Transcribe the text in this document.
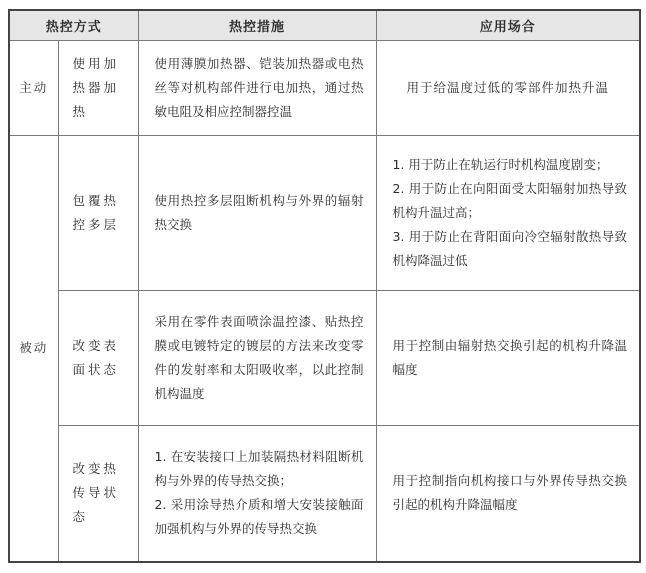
热控方式		热控措施	应用场合
主动	使用加热器加热	使用薄膜加热器、铠装加热器或电热丝等对机构部件进行电加热，通过热敏电阻及相应控制器控温	用于给温度过低的零部件加热升温

被动	包覆热控多层	使用热控多层阻断机构与外界的辐射热交换	1. 用于防止在轨运行时机构温度剧变；
2. 用于防止在向阳面受太阳辐射加热导致机构升温过高；
3. 用于防止在背阳面向冷空辐射散热导致机构降温过低

	改变表面状态	采用在零件表面喷涂温控漆、贴热控膜或电镀特定的镀层的方法来改变零件的发射率和太阳吸收率，以此控制机构温度	用于控制由辐射热交换引起的机构升降温幅度

	改变热传导状态	1. 在安装接口上加装隔热材料阻断机构与外界的传导热交换；
2. 采用涂导热介质和增大安装接触面加强机构与外界的传导热交换	用于控制指向机构接口与外界传导热交换引起的机构升降温幅度
